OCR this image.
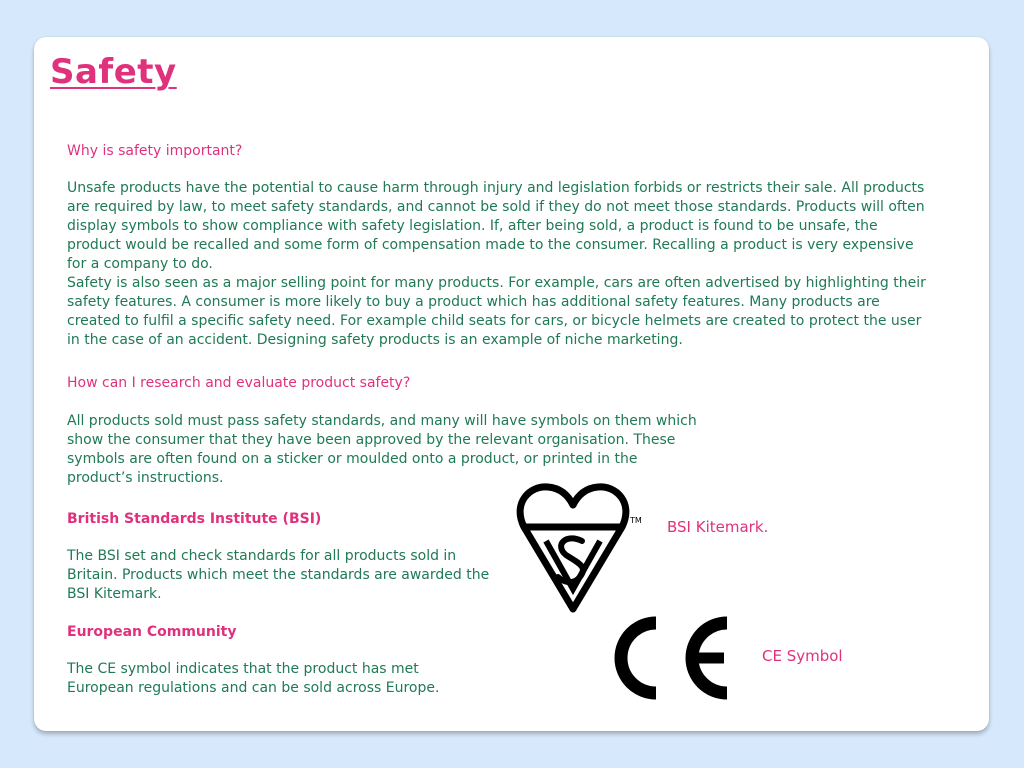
Safety

Why is safety important?

Unsafe products have the potential to cause harm through injury and legislation forbids or restricts their sale. All products are required by law, to meet safety standards, and cannot be sold if they do not meet those standards. Products will often display symbols to show compliance with safety legislation. If, after being sold, a product is found to be unsafe, the product would be recalled and some form of compensation made to the consumer. Recalling a product is very expensive for a company to do.
Safety is also seen as a major selling point for many products. For example, cars are often advertised by highlighting their safety features. A consumer is more likely to buy a product which has additional safety features. Many products are created to fulfil a specific safety need. For example child seats for cars, or bicycle helmets are created to protect the user in the case of an accident. Designing safety products is an example of niche marketing.

How can I research and evaluate product safety?

All products sold must pass safety standards, and many will have symbols on them which show the consumer that they have been approved by the relevant organisation. These symbols are often found on a sticker or moulded onto a product, or printed in the product’s instructions.

British Standards Institute (BSI)

The BSI set and check standards for all products sold in Britain. Products which meet the standards are awarded the BSI Kitemark.

European Community

The CE symbol indicates that the product has met European regulations and can be sold across Europe.

TM BSI Kitemark.

CE Symbol
